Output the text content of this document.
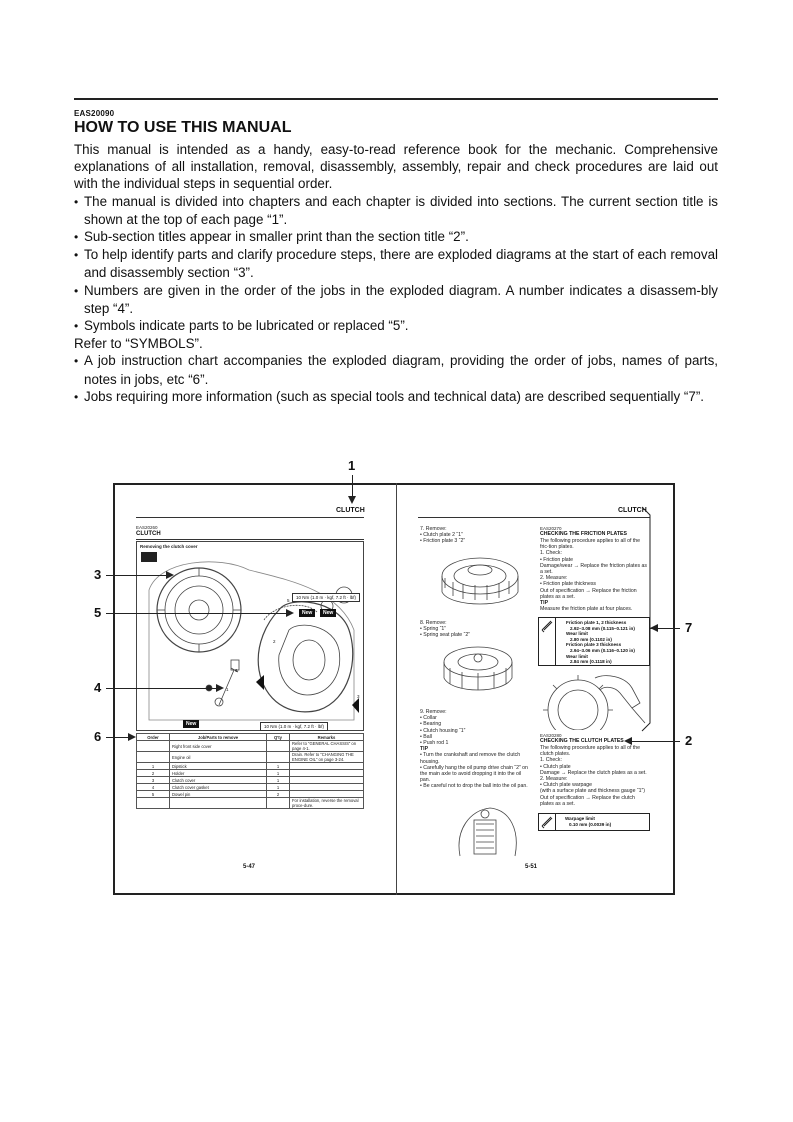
EAS20090
HOW TO USE THIS MANUAL

This manual is intended as a handy, easy-to-read reference book for the mechanic. Comprehensive explanations of all installation, removal, disassembly, assembly, repair and check procedures are laid out with the individual steps in sequential order.

• The manual is divided into chapters and each chapter is divided into sections. The current section title is shown at the top of each page “1”.

• Sub-section titles appear in smaller print than the section title “2”.

• To help identify parts and clarify procedure steps, there are exploded diagrams at the start of each removal and disassembly section “3”.

• Numbers are given in the order of the jobs in the exploded diagram. A number indicates a disassem-bly step “4”.

• Symbols indicate parts to be lubricated or replaced “5”.

Refer to “SYMBOLS”.

• A job instruction chart accompanies the exploded diagram, providing the order of jobs, names of parts, notes in jobs, etc “6”.

• Jobs requiring more information (such as special tools and technical data) are described sequentially “7”.

1
CLUTCH
EAS20260
CLUTCH
Removing the clutch cover
10 Nm (1.0 m · kgf, 7.2 ft · lbf)
New	New
New	10 Nm (1.0 m · kgf, 7.2 ft · lbf)
1
2
3
5
6
Order	Job/Parts to remove	Q'ty	Remarks
	Right front side cover		Refer to “GENERAL CHASSIS” on page 4-1.
	Engine oil		Drain. Refer to “CHANGING THE ENGINE OIL” on page 3-24.
1	Dipstick	1	
2	Holder	1	
3	Clutch cover	1	
4	Clutch cover gasket	1	
5	Dowel pin	2	
			For installation, reverse the removal proce-dure.
5-47
3
5
4
6
CLUTCH
7. Remove:
• Clutch plate 2 “1”
• Friction plate 3 “2”
8. Remove:
• Spring “1”
• Spring seat plate “2”
9. Remove:
• Collar
• Bearing
• Clutch housing “1”
• Ball
• Push rod 1
TIP
• Turn the crankshaft and remove the clutch housing.
• Carefully hang the oil pump drive chain “2” on the main axle to avoid dropping it into the oil pan.
• Be careful not to drop the ball into the oil pan.
EAS20270
CHECKING THE FRICTION PLATES
The following procedure applies to all of the fric-tion plates.
1. Check:
• Friction plate
Damage/wear → Replace the friction plates as a set.
2. Measure:
• Friction plate thickness
Out of specification → Replace the friction plates as a set.
TIP
Measure the friction plate at four places.
Friction plate 1, 2 thickness
2.92–3.08 mm (0.115–0.121 in)
Wear limit
2.80 mm (0.1102 in)
Friction plate 3 thickness
2.94–3.06 mm (0.116–0.120 in)
Wear limit
2.84 mm (0.1118 in)
EAS20280
CHECKING THE CLUTCH PLATES
The following procedure applies to all of the clutch plates.
1. Check:
• Clutch plate
Damage → Replace the clutch plates as a set.
2. Measure:
• Clutch plate warpage
(with a surface plate and thickness gauge “1”)
Out of specification → Replace the clutch plates as a set.
Warpage limit
0.10 mm (0.0039 in)
5-51
7
2
